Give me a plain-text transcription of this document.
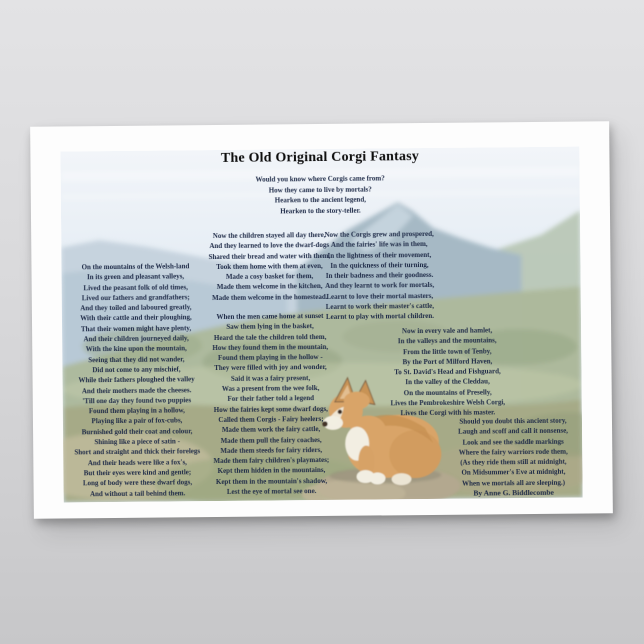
The Old Original Corgi Fantasy
Would you know where Corgis came from?
How they came to live by mortals?
Hearken to the ancient legend,
Hearken to the story-teller.
On the mountains of the Welsh-land
In its green and pleasant valleys,
Lived the peasant folk of old times,
Lived our fathers and grandfathers;
And they toiled and laboured greatly,
With their cattle and their ploughing,
That their women might have plenty,
And their children journeyed daily,
With the kine upon the mountain,
Seeing that they did not wander,
Did not come to any mischief,
While their fathers ploughed the valley
And their mothers made the cheeses.
'Till one day they found two puppies
Found them playing in a hollow,
Playing like a pair of fox-cubs,
Burnished gold their coat and colour,
Shining like a piece of satin -
Short and straight and thick their forelegs
And their heads were like a fox's,
But their eyes were kind and gentle;
Long of body were these dwarf dogs,
And without a tail behind them.
Now the children stayed all day there,
And they learned to love the dwarf-dogs
Shared their bread and water with them,
Took them home with them at even,
Made a cosy basket for them,
Made them welcome in the kitchen,
Made them welcome in the homestead.
When the men came home at sunset
Saw them lying in the basket,
Heard the tale the children told them,
How they found them in the mountain,
Found them playing in the hollow -
They were filled with joy and wonder,
Said it was a fairy present,
Was a present from the wee folk,
For their father told a legend
How the fairies kept some dwarf dogs,
Called them Corgis - Fairy heelers;
Made them work the fairy cattle,
Made them pull the fairy coaches,
Made them steeds for fairy riders,
Made them fairy children's playmates;
Kept them hidden in the mountains,
Kept them in the mountain's shadow,
Lest the eye of mortal see one.
Now the Corgis grew and prospered,
And the fairies' life was in them,
In the lightness of their movement,
In the quickness of their turning,
In their badness and their goodness.
And they learnt to work for mortals,
Learnt to love their mortal masters,
Learnt to work their master's cattle,
Learnt to play with mortal children.
Now in every vale and hamlet,
In the valleys and the mountains,
From the little town of Tenby,
By the Port of Milford Haven,
To St. David's Head and Fishguard,
In the valley of the Cleddau,
On the mountains of Preselly,
Lives the Pembrokeshire Welsh Corgi,
Lives the Corgi with his master.
Should you doubt this ancient story,
Laugh and scoff and call it nonsense,
Look and see the saddle markings
Where the fairy warriors rode them,
(As they ride them still at midnight,
On Midsummer's Eve at midnight,
When we mortals all are sleeping.)
By Anne G. Biddlecombe
